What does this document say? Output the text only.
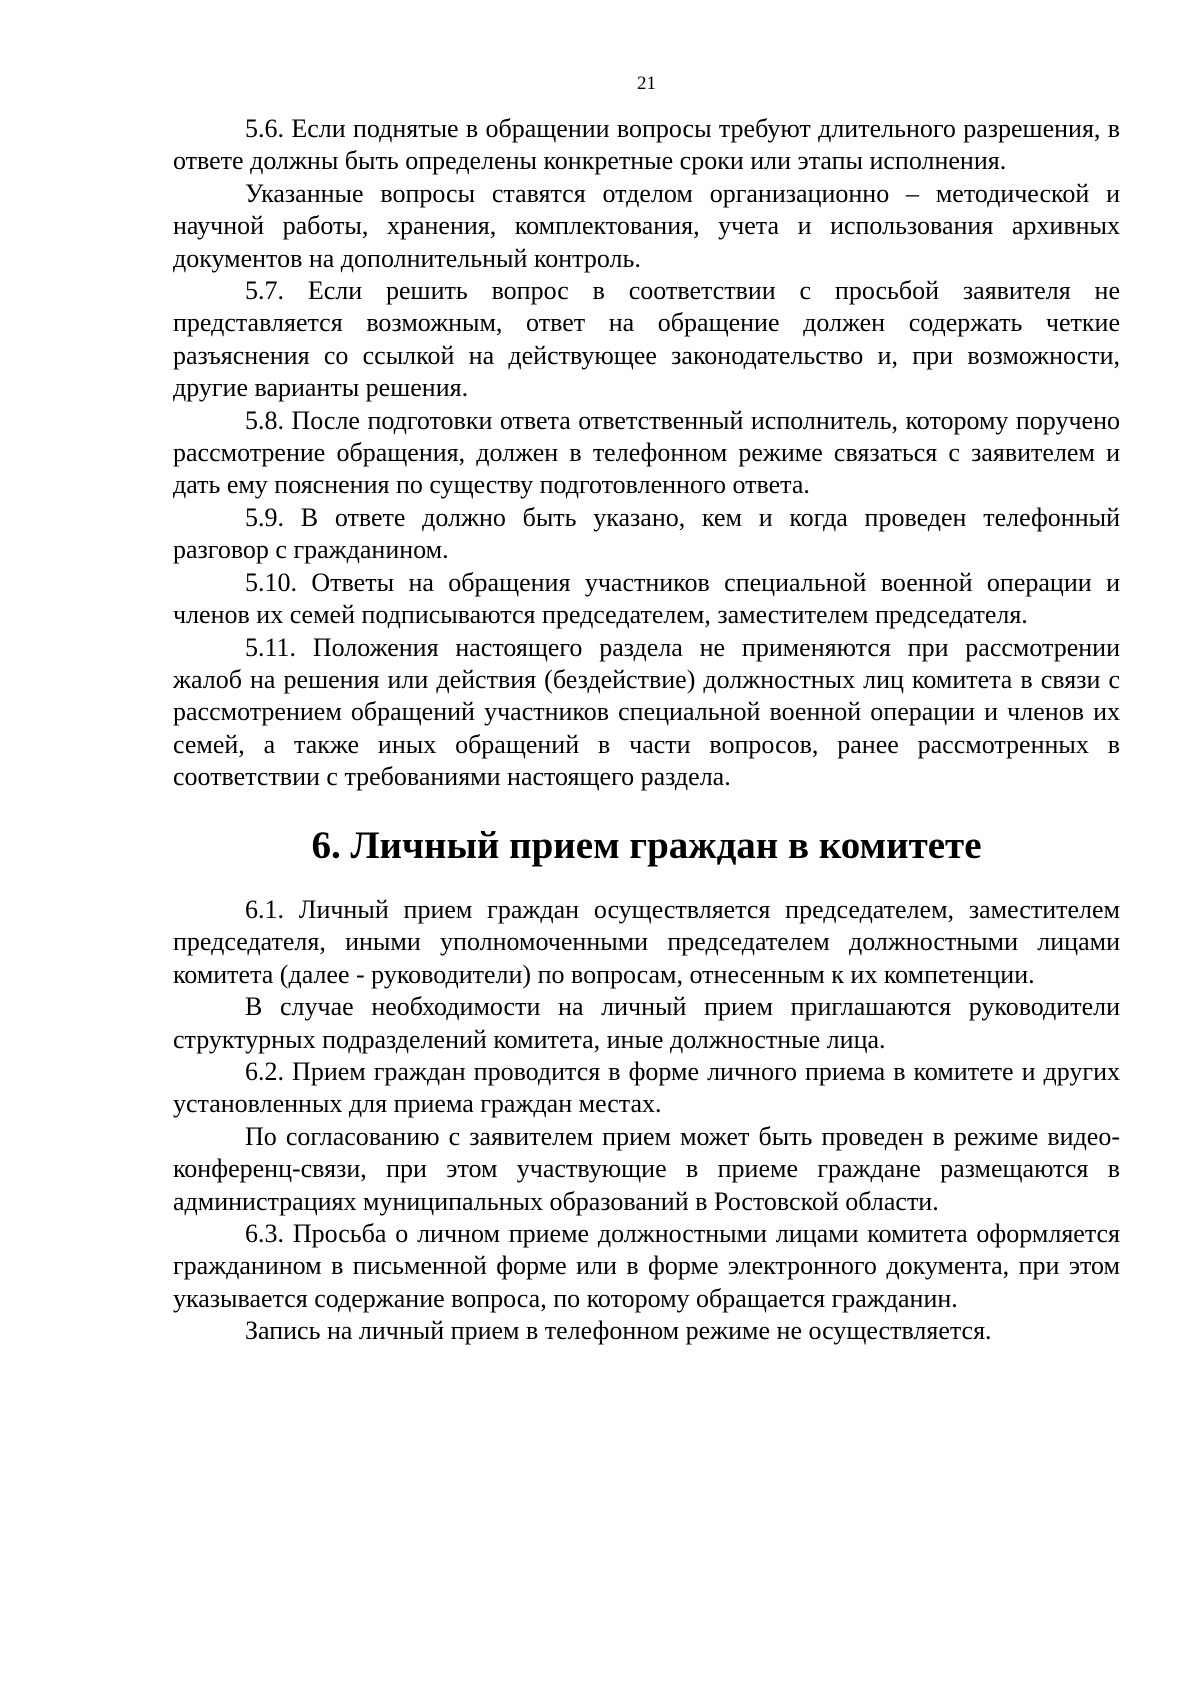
21

5.6. Если поднятые в обращении вопросы требуют длительного разрешения, в ответе должны быть определены конкретные сроки или этапы исполнения.

Указанные вопросы ставятся отделом организационно – методической и научной работы, хранения, комплектования, учета и использования архивных документов на дополнительный контроль.

5.7. Если решить вопрос в соответствии с просьбой заявителя не представляется возможным, ответ на обращение должен содержать четкие разъяснения со ссылкой на действующее законодательство и, при возможности, другие варианты решения.

5.8. После подготовки ответа ответственный исполнитель, которому поручено рассмотрение обращения, должен в телефонном режиме связаться с заявителем и дать ему пояснения по существу подготовленного ответа.

5.9. В ответе должно быть указано, кем и когда проведен телефонный разговор с гражданином.

5.10. Ответы на обращения участников специальной военной операции и членов их семей подписываются председателем, заместителем председателя.

5.11. Положения настоящего раздела не применяются при рассмотрении жалоб на решения или действия (бездействие) должностных лиц комитета в связи с рассмотрением обращений участников специальной военной операции и членов их семей, а также иных обращений в части вопросов, ранее рассмотренных в соответствии с требованиями настоящего раздела.

6. Личный прием граждан в комитете

6.1. Личный прием граждан осуществляется председателем, заместителем председателя, иными уполномоченными председателем должностными лицами комитета (далее - руководители) по вопросам, отнесенным к их компетенции.

В случае необходимости на личный прием приглашаются руководители структурных подразделений комитета, иные должностные лица.

6.2. Прием граждан проводится в форме личного приема в комитете и других установленных для приема граждан местах.

По согласованию с заявителем прием может быть проведен в режиме видео-конференц-связи, при этом участвующие в приеме граждане размещаются в администрациях муниципальных образований в Ростовской области.

6.3. Просьба о личном приеме должностными лицами комитета оформляется гражданином в письменной форме или в форме электронного документа, при этом указывается содержание вопроса, по которому обращается гражданин.

Запись на личный прием в телефонном режиме не осуществляется.
